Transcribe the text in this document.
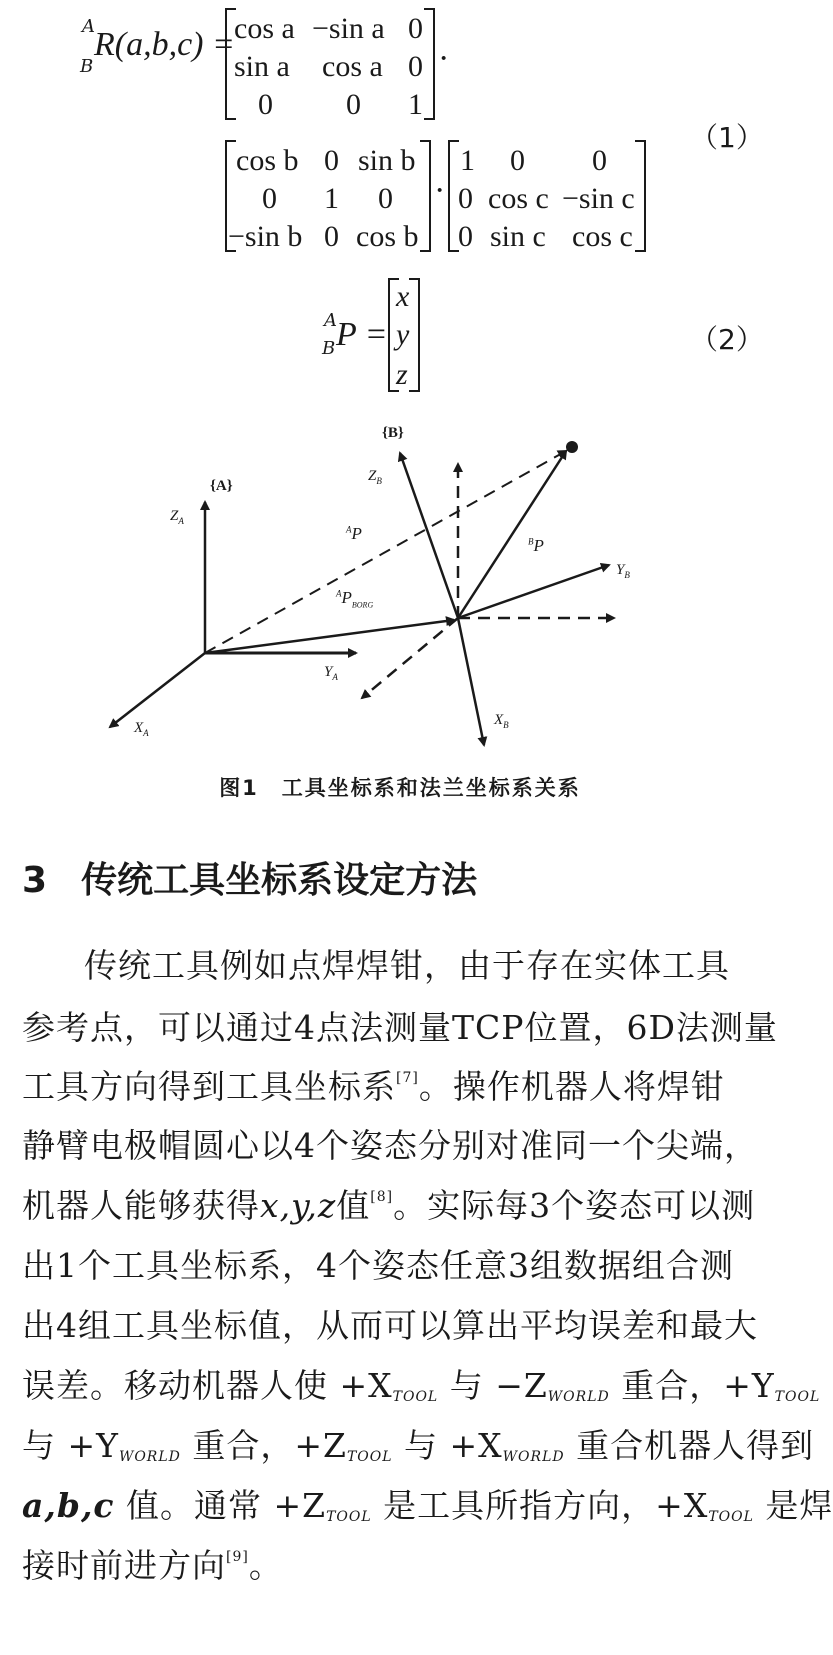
A
B
R(a,b,c) = cos a −sin a 0
sin a cos a 0
0 0 1
·
cos b 0 sin b
0 1 0
−sin b 0 cos b
·
1 0 0
0 cos c −sin c
0 sin c cos c
（1）
A
B P =
x
y
z
（2）
{A}
{B}
$Z_A$
$Y_A$
$X_A$
$Z_B$
$Y_B$
$X_B$
$^A$P	$^B$P
$^AP_{BORG}$
图1　工具坐标系和法兰坐标系关系
3 传统工具坐标系设定方法
传统工具例如点焊焊钳，由于存在实体工具
参考点，可以通过4点法测量TCP位置，6D法测量
工具方向得到工具坐标系[7]。操作机器人将焊钳
静臂电极帽圆心以4个姿态分别对准同一个尖端，
机器人能够获得x,y,z值[8]。实际每3个姿态可以测
出1个工具坐标系，4个姿态任意3组数据组合测
出4组工具坐标值，从而可以算出平均误差和最大
误差。移动机器人使 $+X_{TOOL}$ 与 $-Z_{WORLD}$ 重合，$+Y_{TOOL}$
与 $+Y_{WORLD}$ 重合，$+Z_{TOOL}$ 与 $+X_{WORLD}$ 重合机器人得到
a,b,c 值。通常 $+Z_{TOOL}$ 是工具所指方向，$+X_{TOOL}$ 是焊
接时前进方向[9]。
